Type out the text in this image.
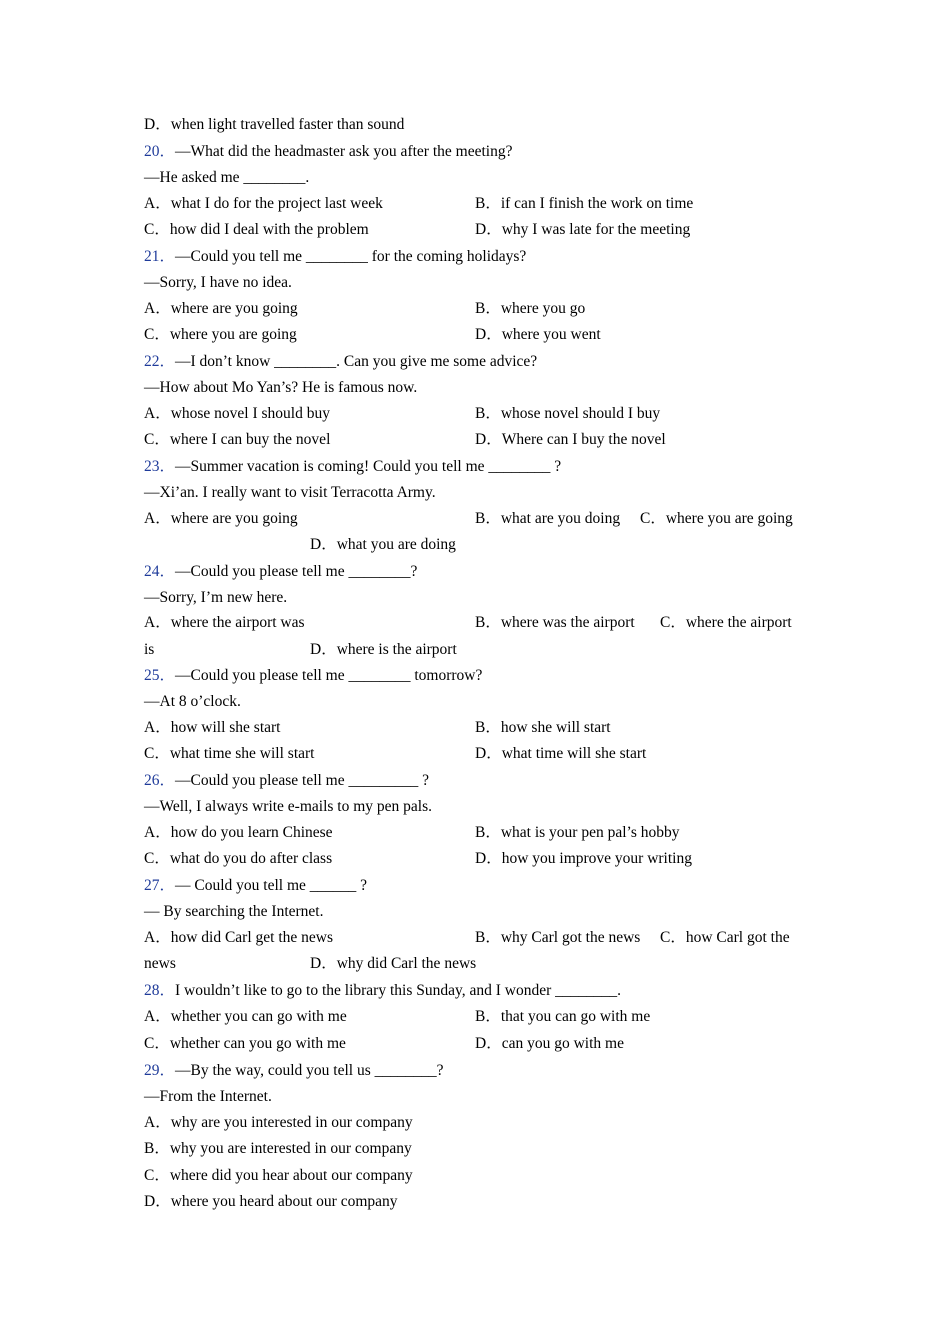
D．when light travelled faster than sound
20．—What did the headmaster ask you after the meeting?
—He asked me ________.
A．what I do for the project last week	B．if can I finish the work on time
C．how did I deal with the problem	D．why I was late for the meeting
21．—Could you tell me ________ for the coming holidays?
—Sorry, I have no idea.
A．where are you going	B．where you go
C．where you are going	D．where you went
22．—I don’t know ________. Can you give me some advice?
—How about Mo Yan’s? He is famous now.
A．whose novel I should buy	B．whose novel should I buy
C．where I can buy the novel	D．Where can I buy the novel
23．—Summer vacation is coming! Could you tell me ________ ?
—Xi’an. I really want to visit Terracotta Army.
A．where are you going	B．what are you doing C．where you are going
D．what you are doing
24．—Could you please tell me ________?
—Sorry, I’m new here.
A．where the airport was	B．where was the airport C．where the airport
is	D．where is the airport
25．—Could you please tell me ________ tomorrow?
—At 8 o’clock.
A．how will she start	B．how she will start
C．what time she will start	D．what time will she start
26．—Could you please tell me _________ ?
—Well, I always write e-mails to my pen pals.
A．how do you learn Chinese	B．what is your pen pal’s hobby
C．what do you do after class	D．how you improve your writing
27．— Could you tell me ______ ?
— By searching the Internet.
A．how did Carl get the news	B．why Carl got the news C．how Carl got the
news	D．why did Carl the news
28．I wouldn’t like to go to the library this Sunday, and I wonder ________.
A．whether you can go with me	B．that you can go with me
C．whether can you go with me	D．can you go with me
29．—By the way, could you tell us ________?
—From the Internet.
A．why are you interested in our company
B．why you are interested in our company
C．where did you hear about our company
D．where you heard about our company
